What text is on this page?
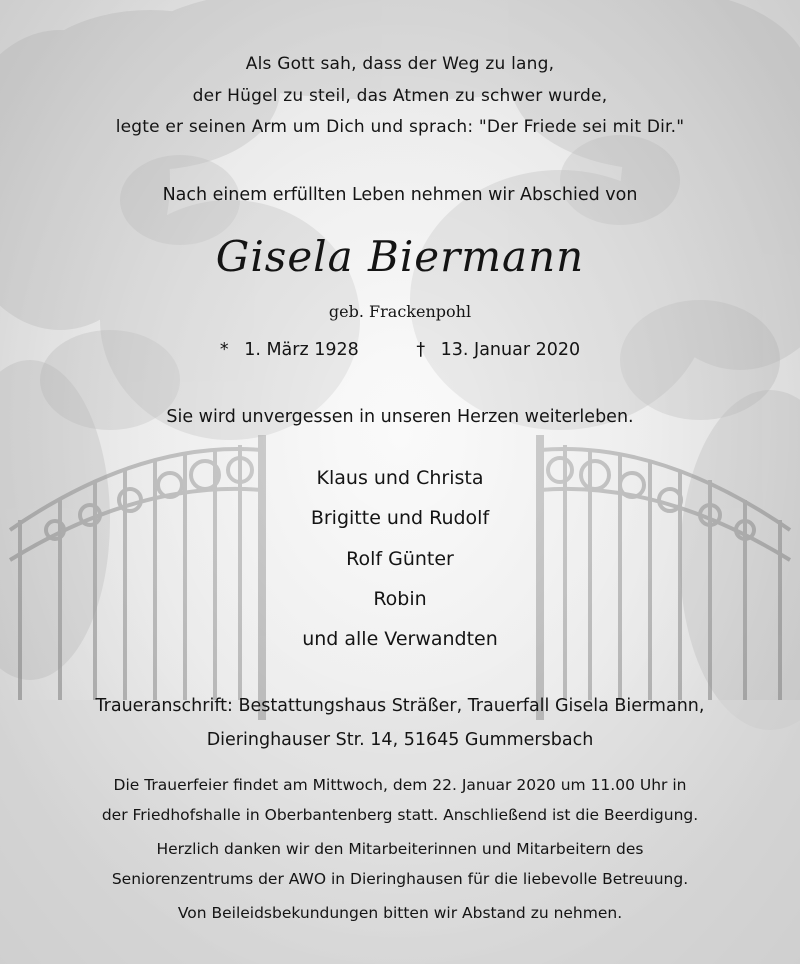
Als Gott sah, dass der Weg zu lang,
der Hügel zu steil, das Atmen zu schwer wurde,
legte er seinen Arm um Dich und sprach: "Der Friede sei mit Dir."
Nach einem erfüllten Leben nehmen wir Abschied von
Gisela Biermann
geb. Frackenpohl
* 1. März 1928	† 13. Januar 2020
Sie wird unvergessen in unseren Herzen weiterleben.
Klaus und Christa
Brigitte und Rudolf
Rolf Günter
Robin
und alle Verwandten
Traueranschrift: Bestattungshaus Sträßer, Trauerfall Gisela Biermann,
Dieringhauser Str. 14, 51645 Gummersbach
Die Trauerfeier findet am Mittwoch, dem 22. Januar 2020 um 11.00 Uhr in
der Friedhofshalle in Oberbantenberg statt. Anschließend ist die Beerdigung.
Herzlich danken wir den Mitarbeiterinnen und Mitarbeitern des
Seniorenzentrums der AWO in Dieringhausen für die liebevolle Betreuung.
Von Beileidsbekundungen bitten wir Abstand zu nehmen.
